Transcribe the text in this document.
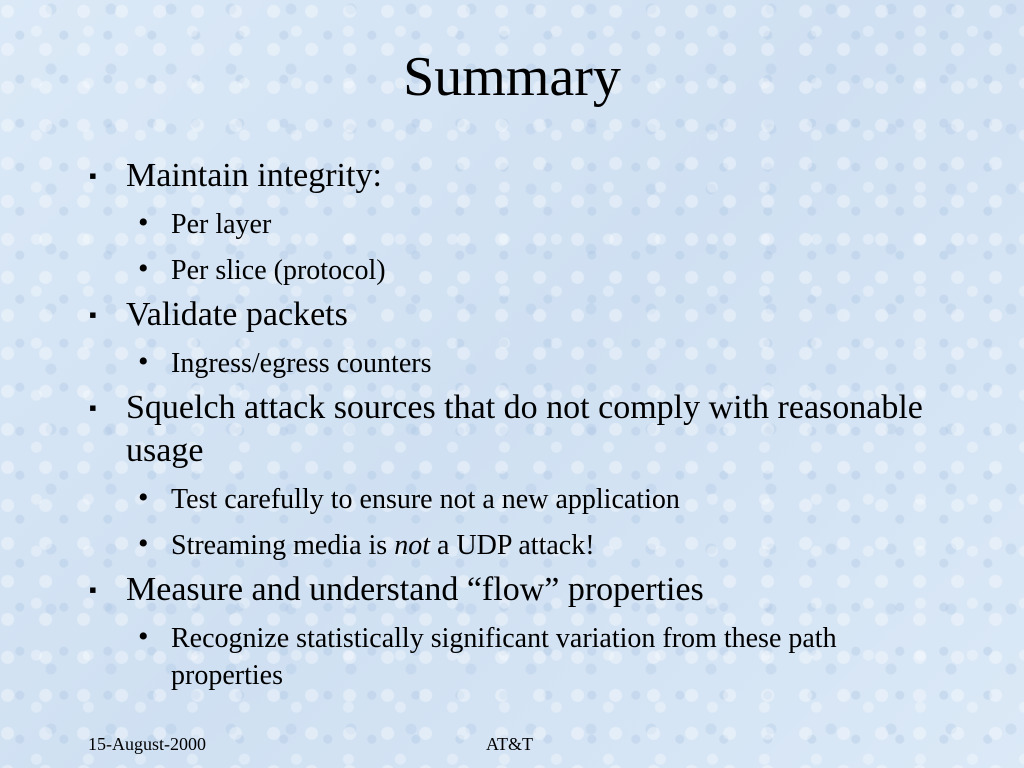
Summary
▪ Maintain integrity:
• Per layer
• Per slice (protocol)
▪ Validate packets
• Ingress/egress counters
▪ Squelch attack sources that do not comply with reasonable usage
• Test carefully to ensure not a new application
• Streaming media is not a UDP attack!
▪ Measure and understand “flow” properties
• Recognize statistically significant variation from these path properties
15-August-2000	AT&T
